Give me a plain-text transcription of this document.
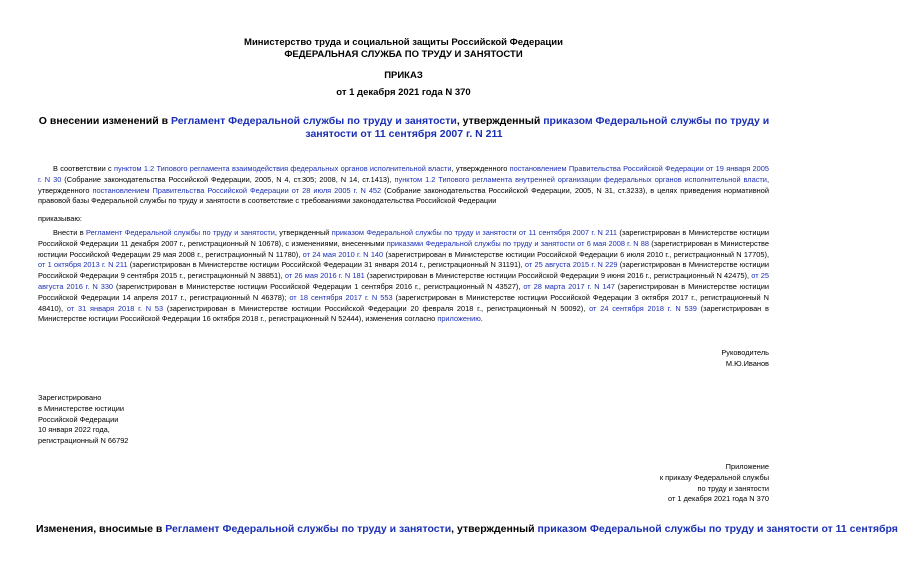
Министерство труда и социальной защиты Российской Федерации
ФЕДЕРАЛЬНАЯ СЛУЖБА ПО ТРУДУ И ЗАНЯТОСТИ
ПРИКАЗ
от 1 декабря 2021 года N 370
О внесении изменений в Регламент Федеральной службы по труду и занятости, утвержденный приказом Федеральной службы по труду и занятости от 11 сентября 2007 г. N 211
В соответствии с пунктом 1.2 Типового регламента взаимодействия федеральных органов исполнительной власти, утвержденного постановлением Правительства Российской Федерации от 19 января 2005 г. N 30 (Собрание законодательства Российской Федерации, 2005, N 4, ст.305; 2008, N 14, ст.1413), пунктом 1.2 Типового регламента внутренней организации федеральных органов исполнительной власти, утвержденного постановлением Правительства Российской Федерации от 28 июля 2005 г. N 452 (Собрание законодательства Российской Федерации, 2005, N 31, ст.3233), в целях приведения нормативной правовой базы Федеральной службы по труду и занятости в соответствие с требованиями законодательства Российской Федерации
приказываю:
Внести в Регламент Федеральной службы по труду и занятости, утвержденный приказом Федеральной службы по труду и занятости от 11 сентября 2007 г. N 211 (зарегистрирован в Министерстве юстиции Российской Федерации 11 декабря 2007 г., регистрационный N 10678), с изменениями, внесенными приказами Федеральной службы по труду и занятости от 6 мая 2008 г. N 88 (зарегистрирован в Министерстве юстиции Российской Федерации 29 мая 2008 г., регистрационный N 11780), от 24 мая 2010 г. N 140 (зарегистрирован в Министерстве юстиции Российской Федерации 6 июля 2010 г., регистрационный N 17705), от 1 октября 2013 г. N 211 (зарегистрирован в Министерстве юстиции Российской Федерации 31 января 2014 г., регистрационный N 31191), от 25 августа 2015 г. N 229 (зарегистрирован в Министерстве юстиции Российской Федерации 9 сентября 2015 г., регистрационный N 38851), от 26 мая 2016 г. N 181 (зарегистрирован в Министерстве юстиции Российской Федерации 9 июня 2016 г., регистрационный N 42475), от 25 августа 2016 г. N 330 (зарегистрирован в Министерстве юстиции Российской Федерации 1 сентября 2016 г., регистрационный N 43527), от 28 марта 2017 г. N 147 (зарегистрирован в Министерстве юстиции Российской Федерации 14 апреля 2017 г., регистрационный N 46378); от 18 сентября 2017 г. N 553 (зарегистрирован в Министерстве юстиции Российской Федерации 3 октября 2017 г., регистрационный N 48410), от 31 января 2018 г. N 53 (зарегистрирован в Министерстве юстиции Российской Федерации 20 февраля 2018 г., регистрационный N 50092), от 24 сентября 2018 г. N 539 (зарегистрирован в Министерстве юстиции Российской Федерации 16 октября 2018 г., регистрационный N 52444), изменения согласно приложению.
Руководитель
М.Ю.Иванов
Зарегистрировано
в Министерстве юстиции
Российской Федерации
10 января 2022 года,
регистрационный N 66792
Приложение
к приказу Федеральной службы
по труду и занятости
от 1 декабря 2021 года N 370
Изменения, вносимые в Регламент Федеральной службы по труду и занятости, утвержденный приказом Федеральной службы по труду и занятости от 11 сентября
